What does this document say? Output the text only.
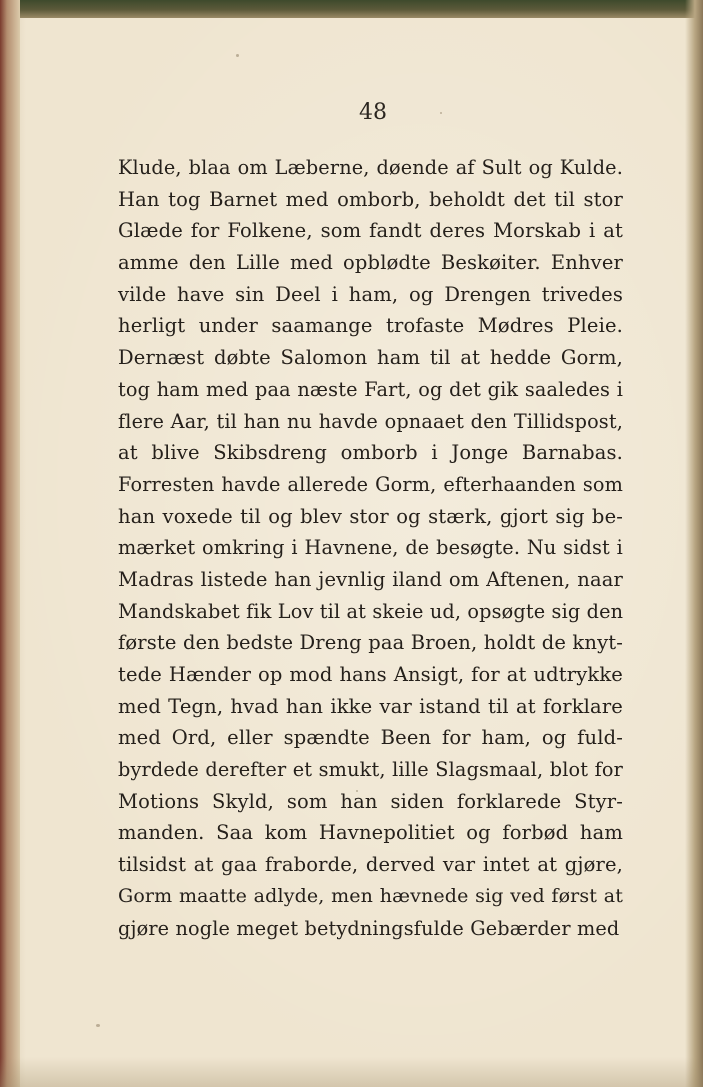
48
Klude, blaa om Læberne, døende af Sult og Kulde.
Han tog Barnet med omborb, beholdt det til stor
Glæde for Folkene, som fandt deres Morskab i at
amme den Lille med opblødte Beskøiter. Enhver
vilde have sin Deel i ham, og Drengen trivedes
herligt under saamange trofaste Mødres Pleie.
Dernæst døbte Salomon ham til at hedde Gorm,
tog ham med paa næste Fart, og det gik saaledes i
flere Aar, til han nu havde opnaaet den Tillidspost,
at blive Skibsdreng omborb i Jonge Barnabas.
Forresten havde allerede Gorm, efterhaanden som
han voxede til og blev stor og stærk, gjort sig be-
mærket omkring i Havnene, de besøgte. Nu sidst i
Madras listede han jevnlig iland om Aftenen, naar
Mandskabet fik Lov til at skeie ud, opsøgte sig den
første den bedste Dreng paa Broen, holdt de knyt-
tede Hænder op mod hans Ansigt, for at udtrykke
med Tegn, hvad han ikke var istand til at forklare
med Ord, eller spændte Been for ham, og fuld-
byrdede derefter et smukt, lille Slagsmaal, blot for
Motions Skyld, som han siden forklarede Styr-
manden. Saa kom Havnepolitiet og forbød ham
tilsidst at gaa fraborde, derved var intet at gjøre,
Gorm maatte adlyde, men hævnede sig ved først at
gjøre nogle meget betydningsfulde Gebærder med
